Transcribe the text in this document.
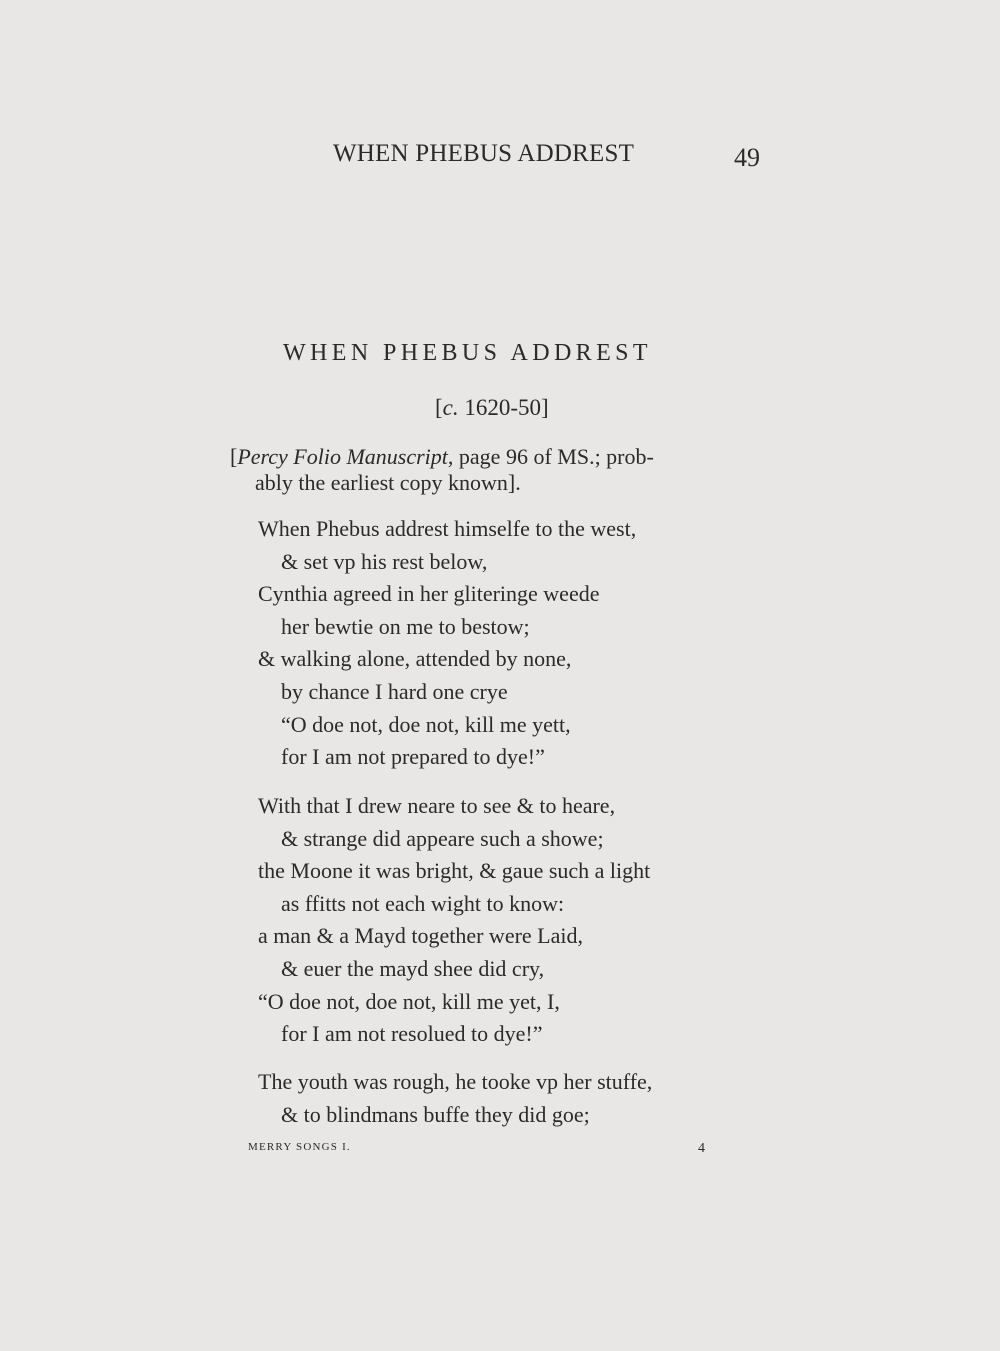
WHEN PHEBUS ADDREST	49
WHEN PHEBUS ADDREST
[c. 1620-50]
[Percy Folio Manuscript, page 96 of MS.; prob-
ably the earliest copy known].
When Phebus addrest himselfe to the west,
& set vp his rest below,
Cynthia agreed in her gliteringe weede
her bewtie on me to bestow;
& walking alone, attended by none,
by chance I hard one crye
“O doe not, doe not, kill me yett,
for I am not prepared to dye!”
With that I drew neare to see & to heare,
& strange did appeare such a showe;
the Moone it was bright, & gaue such a light
as ffitts not each wight to know:
a man & a Mayd together were Laid,
& euer the mayd shee did cry,
“O doe not, doe not, kill me yet, I,
for I am not resolued to dye!”
The youth was rough, he tooke vp her stuffe,
& to blindmans buffe they did goe;
MERRY SONGS I.	4
